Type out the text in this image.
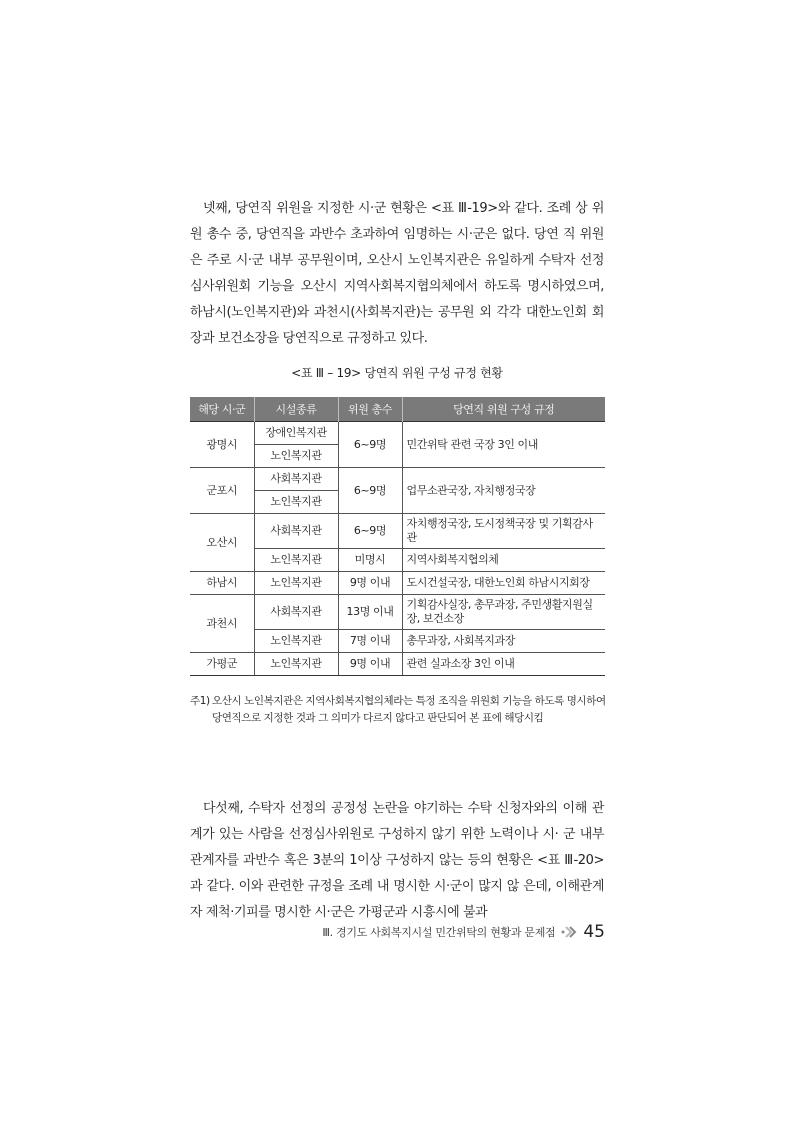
넷째, 당연직 위원을 지정한 시·군 현황은 <표 Ⅲ-19>와 같다. 조례 상 위원 총수 중, 당연직을 과반수 초과하여 임명하는 시·군은 없다. 당연 직 위원은 주로 시·군 내부 공무원이며, 오산시 노인복지관은 유일하게 수탁자 선정심사위원회 기능을 오산시 지역사회복지협의체에서 하도록 명시하였으며, 하남시(노인복지관)와 과천시(사회복지관)는 공무원 외 각각 대한노인회 회장과 보건소장을 당연직으로 규정하고 있다.
<표 Ⅲ – 19> 당연직 위원 구성 규정 현황
해당 시·군	시설종류	위원 총수	당연직 위원 구성 규정
광명시	장애인복지관	6~9명	민간위탁 관련 국장 3인 이내
	노인복지관		
군포시	사회복지관	6~9명	업무소관국장, 자치행정국장
	노인복지관		
오산시	사회복지관	6~9명	자치행정국장, 도시정책국장 및 기획감사관
	노인복지관	미명시	지역사회복지협의체
하남시	노인복지관	9명 이내	도시건설국장, 대한노인회 하남시지회장
과천시	사회복지관	13명 이내	기획감사실장, 총무과장, 주민생활지원실장, 보건소장
	노인복지관	7명 이내	총무과장, 사회복지과장
가평군	노인복지관	9명 이내	관련 실과소장 3인 이내
주1) 오산시 노인복지관은 지역사회복지협의체라는 특정 조직을 위원회 기능을 하도록 명시하여 당연직으로 지정한 것과 그 의미가 다르지 않다고 판단되어 본 표에 해당시킴
다섯째, 수탁자 선정의 공정성 논란을 야기하는 수탁 신청자와의 이해 관계가 있는 사람을 선정심사위원로 구성하지 않기 위한 노력이나 시· 군 내부 관계자를 과반수 혹은 3분의 1이상 구성하지 않는 등의 현황은 <표 Ⅲ-20>과 같다. 이와 관련한 규정을 조례 내 명시한 시·군이 많지 않 은데, 이해관계자 제척·기피를 명시한 시·군은 가평군과 시흥시에 불과
Ⅲ. 경기도 사회복지시설 민간위탁의 현황과 문제점 45
